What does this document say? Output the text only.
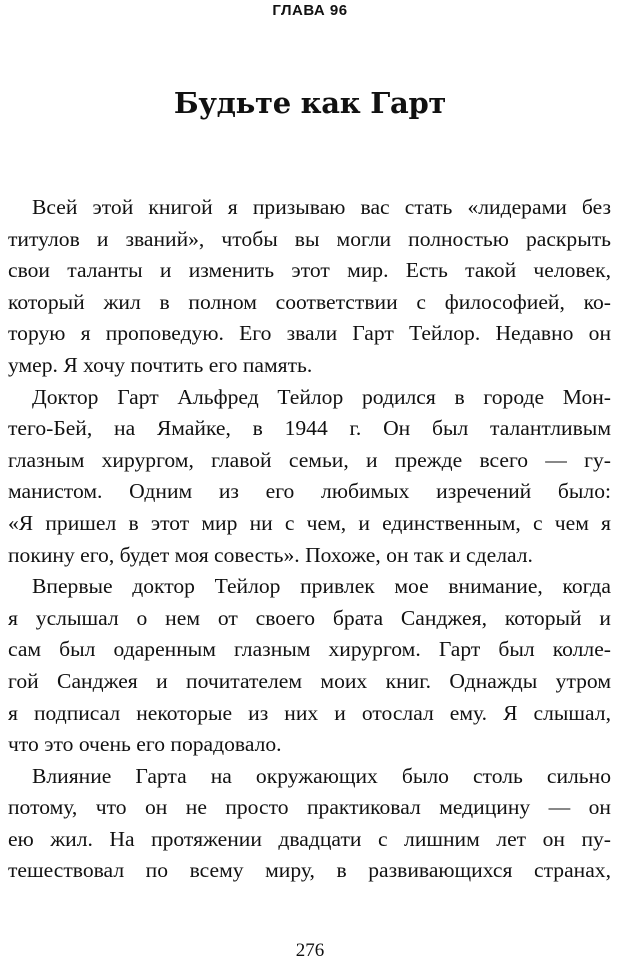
ГЛАВА 96
Будьте как Гарт

Всей этой книгой я призываю вас стать «лидерами без
титулов и званий», чтобы вы могли полностью раскрыть
свои таланты и изменить этот мир. Есть такой человек,
который жил в полном соответствии с философией, ко-
торую я проповедую. Его звали Гарт Тейлор. Недавно он
умер. Я хочу почтить его память.

Доктор Гарт Альфред Тейлор родился в городе Мон-
тего-Бей, на Ямайке, в 1944 г. Он был талантливым
глазным хирургом, главой семьи, и прежде всего — гу-
манистом. Одним из его любимых изречений было:
«Я пришел в этот мир ни с чем, и единственным, с чем я
покину его, будет моя совесть». Похоже, он так и сделал.

Впервые доктор Тейлор привлек мое внимание, когда
я услышал о нем от своего брата Санджея, который и
сам был одаренным глазным хирургом. Гарт был колле-
гой Санджея и почитателем моих книг. Однажды утром
я подписал некоторые из них и отослал ему. Я слышал,
что это очень его порадовало.

Влияние Гарта на окружающих было столь сильно
потому, что он не просто практиковал медицину — он
ею жил. На протяжении двадцати с лишним лет он пу-
тешествовал по всему миру, в развивающихся странах,

276
